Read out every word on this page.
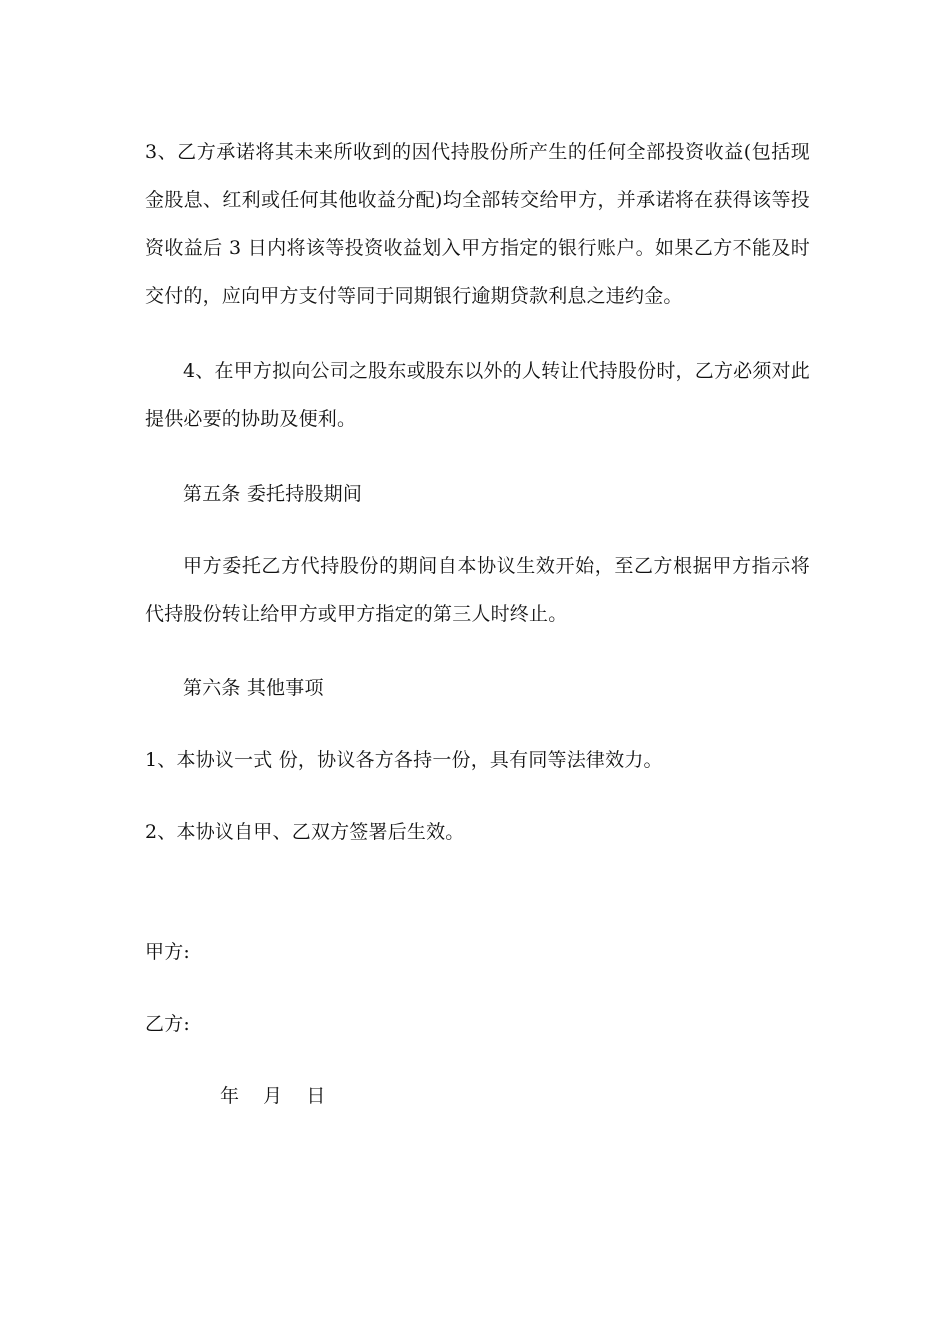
3、乙方承诺将其未来所收到的因代持股份所产生的任何全部投资收益(包括现金股息、红利或任何其他收益分配)均全部转交给甲方，并承诺将在获得该等投资收益后 3 日内将该等投资收益划入甲方指定的银行账户。如果乙方不能及时交付的，应向甲方支付等同于同期银行逾期贷款利息之违约金。

4、在甲方拟向公司之股东或股东以外的人转让代持股份时，乙方必须对此提供必要的协助及便利。

第五条 委托持股期间

甲方委托乙方代持股份的期间自本协议生效开始，至乙方根据甲方指示将代持股份转让给甲方或甲方指定的第三人时终止。

第六条 其他事项

1、本协议一式 份，协议各方各持一份，具有同等法律效力。

2、本协议自甲、乙双方签署后生效。

甲方:

乙方:

年    月    日
